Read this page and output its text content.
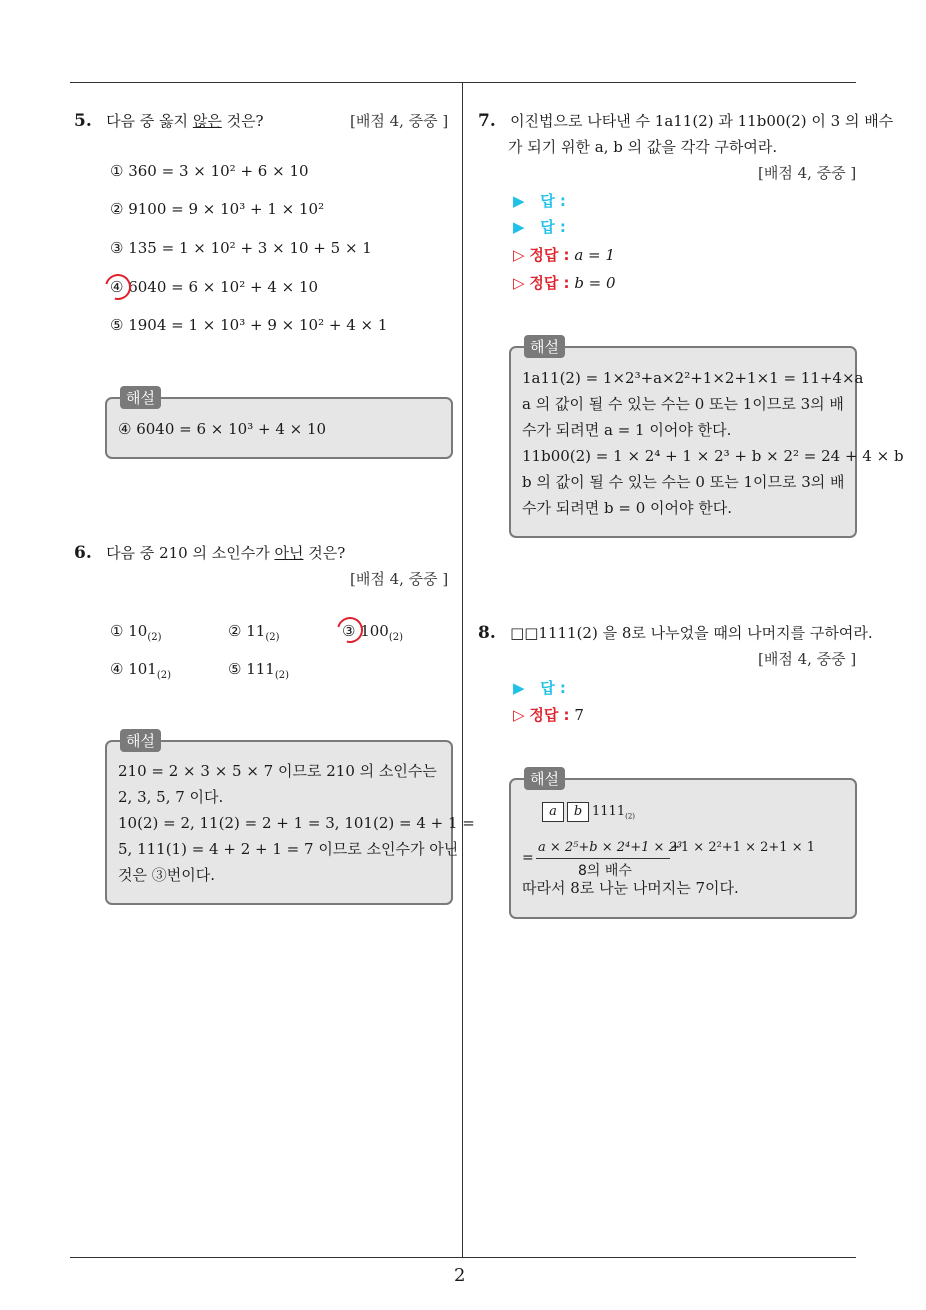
5. 다음 중 옳지 않은 것은?	[배점 4, 중중 ]
① 360 = 3 × 10² + 6 × 10
② 9100 = 9 × 10³ + 1 × 10²
③ 135 = 1 × 10² + 3 × 10 + 5 × 1
④ 6040 = 6 × 10² + 4 × 10
⑤ 1904 = 1 × 10³ + 9 × 10² + 4 × 1
해설
④ 6040 = 6 × 10³ + 4 × 10
6. 다음 중 210 의 소인수가 아닌 것은?
[배점 4, 중중 ]
① $10_{(2)}$	② $11_{(2)}$	③ $100_{(2)}$
④ $101_{(2)}$	⑤ $111_{(2)}$
해설
210 = 2 × 3 × 5 × 7 이므로 210 의 소인수는
2, 3, 5, 7 이다.
10(2) = 2, 11(2) = 2 + 1 = 3, 101(2) = 4 + 1 =
5, 111(1) = 4 + 2 + 1 = 7 이므로 소인수가 아닌
것은 ③번이다.
7. 이진법으로 나타낸 수 1a11(2) 과 11b00(2) 이 3 의 배수
가 되기 위한 a, b 의 값을 각각 구하여라.
[배점 4, 중중 ]
▶ 답 :
▶ 답 :
▷ 정답 : a = 1
▷ 정답 : b = 0
해설
1a11(2) = 1×2³+a×2²+1×2+1×1 = 11+4×a
a 의 값이 될 수 있는 수는 0 또는 1이므로 3의 배
수가 되려면 a = 1 이어야 한다.
11b00(2) = 1 × 2⁴ + 1 × 2³ + b × 2² = 24 + 4 × b
b 의 값이 될 수 있는 수는 0 또는 1이므로 3의 배
수가 되려면 b = 0 이어야 한다.
8. □□1111(2) 을 8로 나누었을 때의 나머지를 구하여라.
[배점 4, 중중 ]
▶ 답 :
▷ 정답 : 7
해설
a b $1111_{(2)}$
=
a × 2⁵+b × 2⁴+1 × 2³
+1 × 2²+1 × 2+1 × 1
8의 배수
따라서 8로 나눈 나머지는 7이다.
2
